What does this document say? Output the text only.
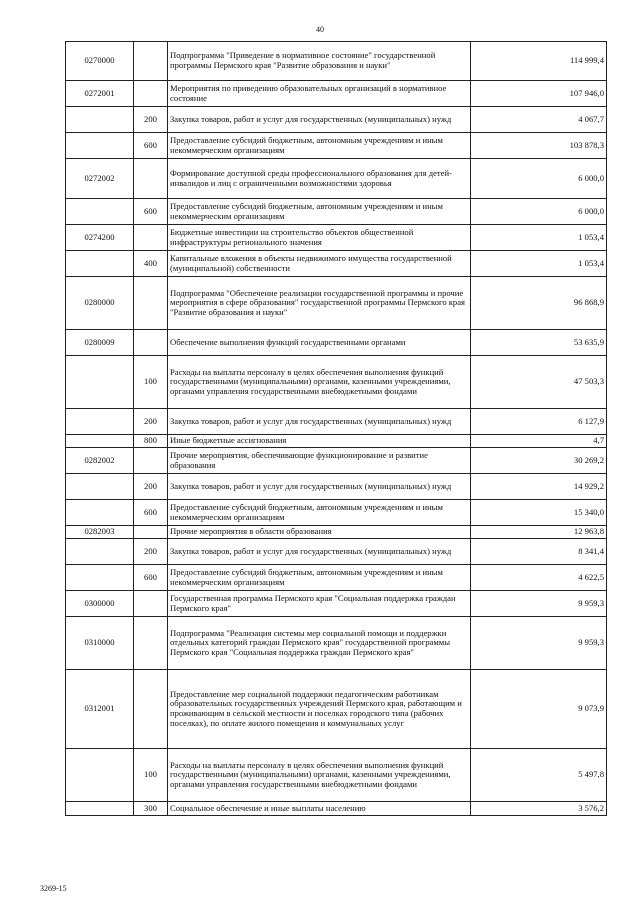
40
0270000		Подпрограмма "Приведение в нормативное состояние" государственной программы Пермского края "Развитие образования и науки"	114 999,4
0272001		Мероприятия по приведению образовательных организаций в нормативное состояние	107 946,0
	200	Закупка товаров, работ и услуг для государственных (муниципальных) нужд	4 067,7
	600	Предоставление субсидий бюджетным, автономным учреждениям и иным некоммерческим организациям	103 878,3
0272002		Формирование доступной среды профессионального образования для детей-инвалидов и лиц с ограниченными возможностями здоровья	6 000,0
	600	Предоставление субсидий бюджетным, автономным учреждениям и иным некоммерческим организациям	6 000,0
0274200		Бюджетные инвестиции на строительство объектов общественной инфраструктуры регионального значения	1 053,4
	400	Капитальные вложения в объекты недвижимого имущества государственной (муниципальной) собственности	1 053,4
0280000		Подпрограмма "Обеспечение реализации государственной программы и прочие мероприятия в сфере образования" государственной программы Пермского края "Развитие образования и науки"	96 868,9
0280009		Обеспечение выполнения функций государственными органами	53 635,9
	100	Расходы на выплаты персоналу в целях обеспечения выполнения функций государственными (муниципальными) органами, казенными учреждениями, органами управления государственными внебюджетными фондами	47 503,3
	200	Закупка товаров, работ и услуг для государственных (муниципальных) нужд	6 127,9
	800	Иные бюджетные ассигнования	4,7
0282002		Прочие мероприятия, обеспечивающие функционирование и развитие образования	30 269,2
	200	Закупка товаров, работ и услуг для государственных (муниципальных) нужд	14 929,2
	600	Предоставление субсидий бюджетным, автономным учреждениям и иным некоммерческим организациям	15 340,0
0282003		Прочие мероприятия в области образования	12 963,8
	200	Закупка товаров, работ и услуг для государственных (муниципальных) нужд	8 341,4
	600	Предоставление субсидий бюджетным, автономным учреждениям и иным некоммерческим организациям	4 622,5
0300000		Государственная программа Пермского края "Социальная поддержка граждан Пермского края"	9 959,3
0310000		Подпрограмма "Реализация системы мер социальной помощи и поддержки отдельных категорий граждан Пермского края" государственной программы Пермского края "Социальная поддержка граждан Пермского края"	9 959,3
0312001		Предоставление мер социальной поддержки педагогическим работникам образовательных государственных учреждений Пермского края, работающим и проживающим в сельской местности и поселках городского типа (рабочих поселках), по оплате жилого помещения и коммунальных услуг	9 073,9
	100	Расходы на выплаты персоналу в целях обеспечения выполнения функций государственными (муниципальными) органами, казенными учреждениями, органами управления государственными внебюджетными фондами	5 497,8
	300	Социальное обеспечение и иные выплаты населению	3 576,2
3269-15
